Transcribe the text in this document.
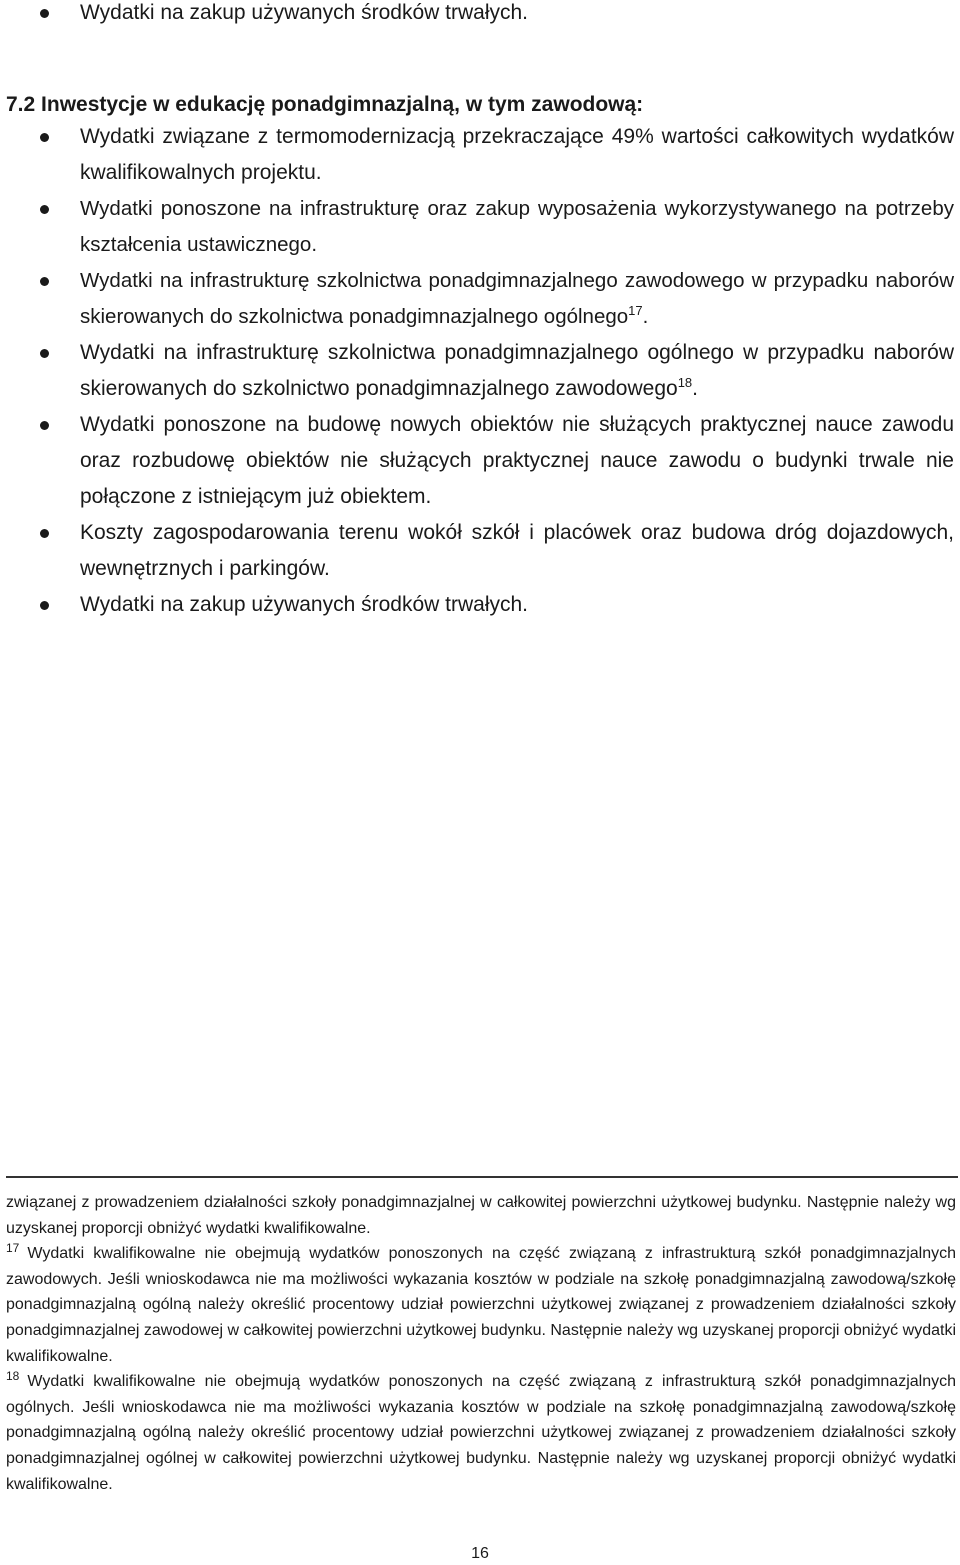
Wydatki na zakup używanych środków trwałych.
7.2 Inwestycje w edukację ponadgimnazjalną, w tym zawodową:
Wydatki związane z termomodernizacją przekraczające 49% wartości całkowitych wydatków kwalifikowalnych projektu.
Wydatki ponoszone na infrastrukturę oraz zakup wyposażenia wykorzystywanego na potrzeby kształcenia ustawicznego.
Wydatki na infrastrukturę szkolnictwa ponadgimnazjalnego zawodowego w przypadku naborów skierowanych do szkolnictwa ponadgimnazjalnego ogólnego$^{17}$.
Wydatki na infrastrukturę szkolnictwa ponadgimnazjalnego ogólnego w przypadku naborów skierowanych do szkolnictwo ponadgimnazjalnego zawodowego$^{18}$.
Wydatki ponoszone na budowę nowych obiektów nie służących praktycznej nauce zawodu oraz rozbudowę obiektów nie służących praktycznej nauce zawodu o budynki trwale nie połączone z istniejącym już obiektem.
Koszty zagospodarowania terenu wokół szkół i placówek oraz budowa dróg dojazdowych, wewnętrznych i parkingów.
Wydatki na zakup używanych środków trwałych.

związanej z prowadzeniem działalności szkoły ponadgimnazjalnej w całkowitej powierzchni użytkowej budynku. Następnie należy wg uzyskanej proporcji obniżyć wydatki kwalifikowalne.

$^{17}$ Wydatki kwalifikowalne nie obejmują wydatków ponoszonych na część związaną z infrastrukturą szkół ponadgimnazjalnych zawodowych. Jeśli wnioskodawca nie ma możliwości wykazania kosztów w podziale na szkołę ponadgimnazjalną zawodową/szkołę ponadgimnazjalną ogólną należy określić procentowy udział powierzchni użytkowej związanej z prowadzeniem działalności szkoły ponadgimnazjalnej zawodowej w całkowitej powierzchni użytkowej budynku. Następnie należy wg uzyskanej proporcji obniżyć wydatki kwalifikowalne.

$^{18}$ Wydatki kwalifikowalne nie obejmują wydatków ponoszonych na część związaną z infrastrukturą szkół ponadgimnazjalnych ogólnych. Jeśli wnioskodawca nie ma możliwości wykazania kosztów w podziale na szkołę ponadgimnazjalną zawodową/szkołę ponadgimnazjalną ogólną należy określić procentowy udział powierzchni użytkowej związanej z prowadzeniem działalności szkoły ponadgimnazjalnej ogólnej w całkowitej powierzchni użytkowej budynku. Następnie należy wg uzyskanej proporcji obniżyć wydatki kwalifikowalne.

16
